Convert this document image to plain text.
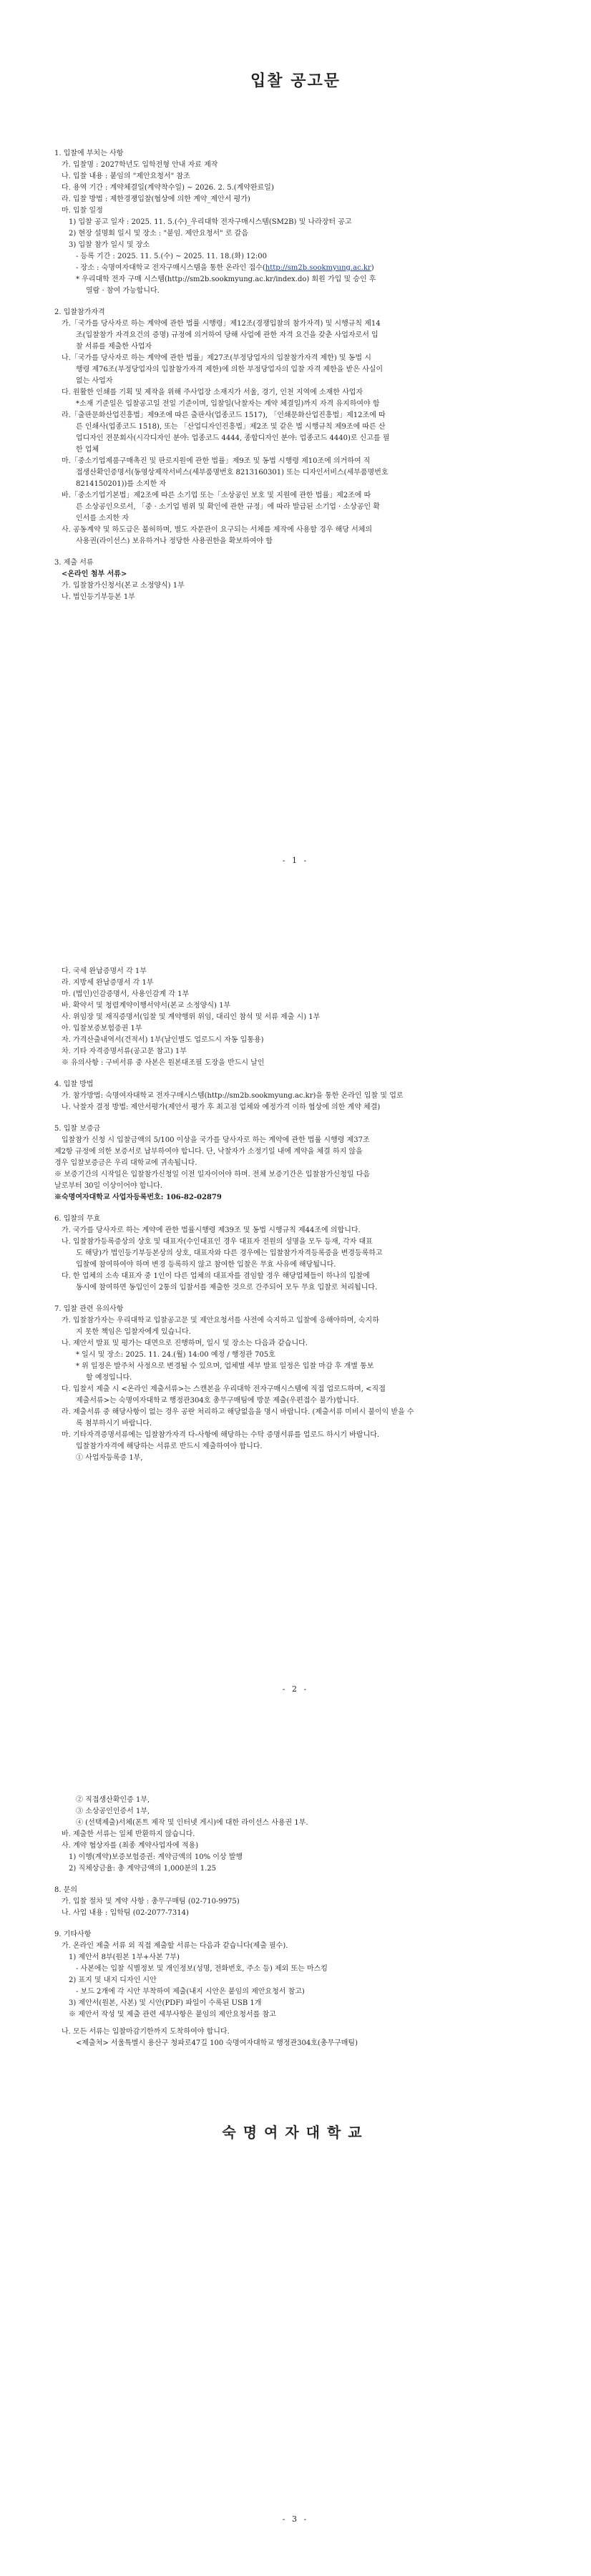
입찰 공고문
1. 입찰에 부치는 사항
가. 입찰명 : 2027학년도 입학전형 안내 자료 제작
나. 입찰 내용 : 붙임의 "제안요청서" 참조
다. 용역 기간 : 계약체결일(계약착수일) ~ 2026. 2. 5.(계약완료일)
라. 입찰 방법 : 제한경쟁입찰(협상에 의한 계약_제안서 평가)
마. 입찰 일정
1) 입찰 공고 일자 : 2025. 11. 5.(수)_우리대학 전자구매시스템(SM2B) 및 나라장터 공고
2) 현장 설명회 일시 및 장소 : "붙임. 제안요청서" 로 갈음
3) 입찰 참가 일시 및 장소
- 등록 기간 : 2025. 11. 5.(수) ~ 2025. 11. 18.(화) 12:00
- 장소 : 숙명여자대학교 전자구매시스템을 통한 온라인 접수(http://sm2b.sookmyung.ac.kr)
* 우리대학 전자 구매 시스템(http://sm2b.sookmyung.ac.kr/index.do) 회원 가입 및 승인 후
열람 · 참여 가능합니다.
2. 입찰참가자격
가.「국가를 당사자로 하는 계약에 관한 법률 시행령」제12조(경쟁입찰의 참가자격) 및 시행규칙 제14
조(입찰참가 자격요건의 증명) 규정에 의거하여 당해 사업에 관한 자격 요건을 갖춘 사업자로서 입
찰 서류를 제출한 사업자
나.「국가를 당사자로 하는 계약에 관한 법률」제27조(부정당업자의 입찰참가자격 제한) 및 동법 시
행령 제76조(부정당업자의 입찰참가자격 제한)에 의한 부정당업자의 입찰 자격 제한을 받은 사실이
없는 사업자
다. 원활한 인쇄를 기획 및 제작을 위해 주사업장 소재지가 서울, 경기, 인천 지역에 소재한 사업자
*소재 기준일은 입찰공고일 전일 기준이며, 입찰일(낙찰자는 계약 체결일)까지 자격 유지하여야 함
라.「출판문화산업진흥법」제9조에 따른 출판사(업종코드 1517), 「인쇄문화산업진흥법」제12조에 따
른 인쇄사(업종코드 1518), 또는 「산업디자인진흥법」제2조 및 같은 법 시행규칙 제9조에 따른 산
업디자인 전문회사(시각디자인 분야: 업종코드 4444, 종합디자인 분야: 업종코드 4440)로 신고를 필
한 업체
마.「중소기업제품구매촉진 및 판로지원에 관한 법률」제9조 및 동법 시행령 제10조에 의거하여 직
접생산확인증명서(동영상제작서비스(세부품명번호 8213160301) 또는 디자인서비스(세부품명번호
8214150201))를 소지한 자
바.「중소기업기본법」제2조에 따른 소기업 또는「소상공인 보호 및 지원에 관한 법률」제2조에 따
른 소상공인으로서, 「중 · 소기업 범위 및 확인에 관한 규정」에 따라 발급된 소기업 · 소상공인 확
인서를 소지한 자
사. 공동계약 및 하도급은 불허하며, 별도 자문관이 요구되는 서체를 제작에 사용할 경우 해당 서체의
사용권(라이선스) 보유하거나 정당한 사용권한을 확보하여야 함
3. 제출 서류
<온라인 첨부 서류>
가. 입찰참가신청서(본교 소정양식) 1부
나. 법인등기부등본 1부
- 1 -
다. 국세 완납증명서 각 1부
라. 지방세 완납증명서 각 1부
마. (법인)인감증명서, 사용인감계 각 1부
바. 확약서 및 청렴계약이행서약서(본교 소정양식) 1부
사. 위임장 및 재직증명서(입찰 및 계약행위 위임, 대리인 참석 및 서류 제출 시) 1부
아. 입찰보증보험증권 1부
자. 가격산출내역서(견적서) 1부(날인별도 업로드시 자동 입통용)
차. 기타 자격증명서류(공고문 참고) 1부
※ 유의사항 : 구비서류 중 사본은 원본대조필 도장을 반드시 날인
4. 입찰 방법
가. 참가방법: 숙명여자대학교 전자구매시스템(http://sm2b.sookmyung.ac.kr)을 통한 온라인 입찰 및 업로
나. 낙찰자 결정 방법: 제안서평가(제안서 평가 후 최고점 업체와 예정가격 이하 협상에 의한 계약 체결)
5. 입찰 보증금
입찰참가 신청 시 입찰금액의 5/100 이상을 국가를 당사자로 하는 계약에 관한 법률 시행령 제37조
제2항 규정에 의한 보증서로 납부하여야 합니다. 단, 낙찰자가 소정기일 내에 계약을 체결 하지 않을
경우 입찰보증금은 우리 대학교에 귀속됩니다.
※ 보증기간의 시작일은 입찰참가신청일 이전 일자이어야 하며. 전체 보증기간은 입찰참가신청일 다음
날로부터 30일 이상이어야 합니다.
※숙명여자대학교 사업자등록번호: 106-82-02879
6. 입찰의 무효
가. 국가를 당사자로 하는 계약에 관한 법률시행령 제39조 및 동법 시행규칙 제44조에 의합니다.
나. 입찰참가등록증상의 상호 및 대표자(수인대표인 경우 대표자 전원의 성명을 모두 등재, 각자 대표
도 해당)가 법인등기부등본상의 상호, 대표자와 다른 경우에는 입찰참가자격등록증을 변경등록하고
입찰에 참여하여야 하며 변경 등록하지 않고 참여한 입찰은 무효 사유에 해당됩니다.
다. 한 업체의 소속 대표자 중 1인이 다른 업체의 대표자를 겸임할 경우 해당업체들이 하나의 입찰에
동시에 참여하면 동입인이 2통의 입찰서를 제출한 것으로 간주되어 모두 무효 입찰로 처리됩니다.
7. 입찰 관련 유의사항
가. 입찰참가자는 우리대학교 입찰공고문 및 제안요청서를 사전에 숙지하고 입찰에 응해야하며, 숙지하
지 못한 책임은 입찰자에게 있습니다.
나. 제안서 발표 및 평가는 대면으로 진행하며, 일시 및 장소는 다음과 같습니다.
* 일시 및 장소: 2025. 11. 24.(월) 14:00 예정 / 행정관 705호
* 위 일정은 발주처 사정으로 변경될 수 있으며, 업체별 세부 발표 일정은 입찰 마감 후 개별 통보
할 예정입니다.
다. 입찰서 제출 시 <온라인 제출서류>는 스캔본을 우리대학 전자구매시스템에 직접 업로드하며, <직접
제출서류>는 숙명여자대학교 행정관304호 총무구매팀에 방문 제출(우편접수 불가)합니다.
라. 제출서류 중 해당사항이 없는 경우 공란 처리하고 해당없음을 명시 바랍니다. (제출서류 미비시 불이익 받을 수
록 첨부하시기 바랍니다.
마. 기타자격증명서류에는 입찰참가자격 다-사항에 해당하는 수탁 증명서류를 업로드 하시기 바랍니다.
입찰참가자격에 해당하는 서류로 반드시 제출하여야 합니다.
① 사업자등록증 1부,
- 2 -
② 직접생산확인증 1부,
③ 소상공인인증서 1부,
④ (선택제출)서체(폰트 제작 및 인터넷 게시)에 대한 라이선스 사용권 1부.
바. 제출한 서류는 일체 반환하지 않습니다.
사. 계약 협상자를 (최종 계약사업자에 적용)
1) 이행(계약)보증보험증권: 계약금액의 10% 이상 발행
2) 직체상금율: 총 계약금액의 1,000분의 1.25
8. 문의
가. 입찰 절차 및 계약 사항 : 총무구매팀 (02-710-9975)
나. 사업 내용 : 입학팀 (02-2077-7314)
9. 기타사항
가. 온라인 제출 서류 외 직접 제출할 서류는 다음과 같습니다(제출 필수).
1) 제안서 8부(원본 1부+사본 7부)
- 사본에는 입찰 식별정보 및 개인정보(성명, 전화번호, 주소 등) 제외 또는 마스킹
2) 표지 및 내지 디자인 시안
- 보드 2개에 각 시안 부착하여 제출(내지 시안은 붙임의 제안요청서 참고)
3) 제안서(원본, 사본) 및 시안(PDF) 파일이 수록된 USB 1개
※ 제안서 작성 및 제출 관련 세부사항은 붙임의 제안요청서를 참고
나. 모든 서류는 입찰마감기한까지 도착하여야 합니다.
<제출처> 서울특별시 용산구 청파로47길 100 숙명여자대학교 행정관304호(총무구매팀)
숙명여자대학교
- 3 -
